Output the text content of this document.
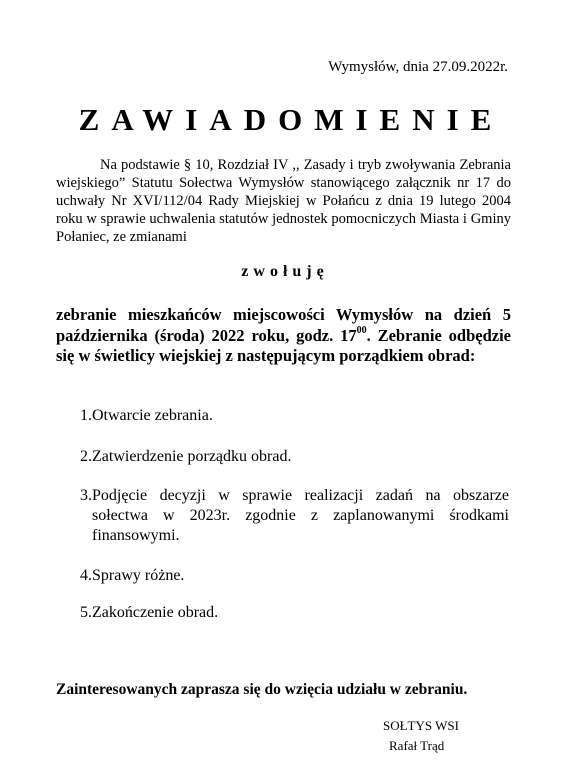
Wymysłów, dnia 27.09.2022r.
ZAWIADOMIENIE
Na podstawie § 10, Rozdział IV ,, Zasady i tryb zwoływania Zebrania wiejskiego” Statutu Sołectwa Wymysłów stanowiącego załącznik nr 17 do uchwały Nr XVI/112/04 Rady Miejskiej w Połańcu z dnia 19 lutego 2004 roku w sprawie uchwalenia statutów jednostek pomocniczych Miasta i Gminy Połaniec, ze zmianami
zwołuję
zebranie mieszkańców miejscowości Wymysłów na dzień 5 października (środa) 2022 roku, godz. $17^{00}$. Zebranie odbędzie się w świetlicy wiejskiej z następującym porządkiem obrad:
1. Otwarcie zebrania.
2. Zatwierdzenie porządku obrad.
3. Podjęcie decyzji w sprawie realizacji zadań na obszarze sołectwa w 2023r. zgodnie z zaplanowanymi środkami finansowymi.
4. Sprawy różne.
5. Zakończenie obrad.
Zainteresowanych zaprasza się do wzięcia udziału w zebraniu.
SOŁTYS WSI
Rafał Trąd
